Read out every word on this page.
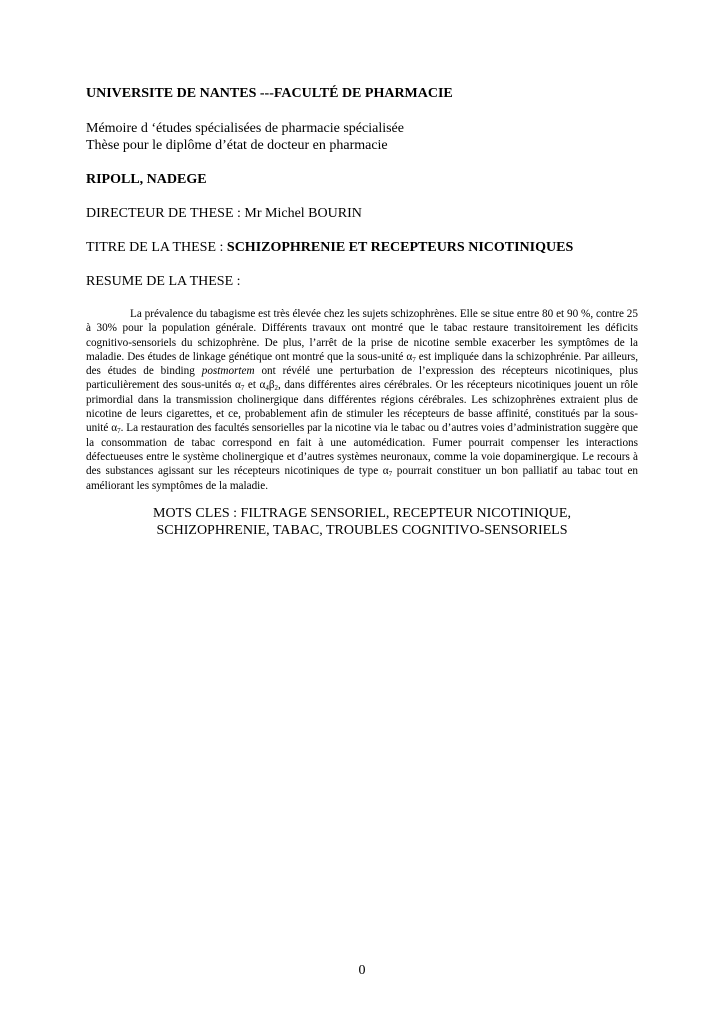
UNIVERSITE DE NANTES ---FACULTÉ DE PHARMACIE

Mémoire d ‘études spécialisées de pharmacie spécialisée

Thèse pour le diplôme d’état de docteur en pharmacie

RIPOLL, NADEGE

DIRECTEUR DE THESE : Mr Michel BOURIN

TITRE DE LA THESE : SCHIZOPHRENIE ET RECEPTEURS NICOTINIQUES

RESUME DE LA THESE :

La prévalence du tabagisme est très élevée chez les sujets schizophrènes. Elle se situe entre 80 et 90 %, contre 25 à 30% pour la population générale. Différents travaux ont montré que le tabac restaure transitoirement les déficits cognitivo-sensoriels du schizophrène. De plus, l’arrêt de la prise de nicotine semble exacerber les symptômes de la maladie. Des études de linkage génétique ont montré que la sous-unité $\alpha_7$ est impliquée dans la schizophrénie. Par ailleurs, des études de binding postmortem ont révélé une perturbation de l’expression des récepteurs nicotiniques, plus particulièrement des sous-unités $\alpha_7$ et $\alpha_4\beta_2$, dans différentes aires cérébrales. Or les récepteurs nicotiniques jouent un rôle primordial dans la transmission cholinergique dans différentes régions cérébrales. Les schizophrènes extraient plus de nicotine de leurs cigarettes, et ce, probablement afin de stimuler les récepteurs de basse affinité, constitués par la sous-unité $\alpha_7$. La restauration des facultés sensorielles par la nicotine via le tabac ou d’autres voies d’administration suggère que la consommation de tabac correspond en fait à une automédication. Fumer pourrait compenser les interactions défectueuses entre le système cholinergique et d’autres systèmes neuronaux, comme la voie dopaminergique. Le recours à des substances agissant sur les récepteurs nicotiniques de type $\alpha_7$ pourrait constituer un bon palliatif au tabac tout en améliorant les symptômes de la maladie.

MOTS CLES : FILTRAGE SENSORIEL, RECEPTEUR NICOTINIQUE,
SCHIZOPHRENIE, TABAC, TROUBLES COGNITIVO-SENSORIELS
0
